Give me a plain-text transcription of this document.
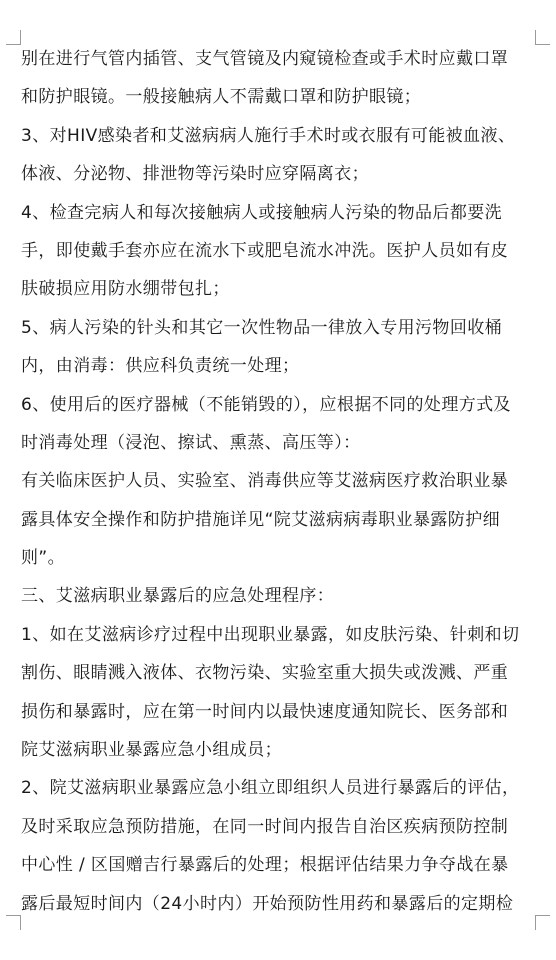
别在进行气管内插管、支气管镜及内窥镜检查或手术时应戴口罩
和防护眼镜。一般接触病人不需戴口罩和防护眼镜；
3、对HIV感染者和艾滋病病人施行手术时或衣服有可能被血液、
体液、分泌物、排泄物等污染时应穿隔离衣；
4、检查完病人和每次接触病人或接触病人污染的物品后都要洗
手，即使戴手套亦应在流水下或肥皂流水冲洗。医护人员如有皮
肤破损应用防水绷带包扎；
5、病人污染的针头和其它一次性物品一律放入专用污物回收桶
内，由消毒：供应科负责统一处理；
6、使用后的医疗器械（不能销毁的），应根据不同的处理方式及
时消毒处理（浸泡、擦试、熏蒸、高压等）：
有关临床医护人员、实验室、消毒供应等艾滋病医疗救治职业暴
露具体安全操作和防护措施详见“院艾滋病病毒职业暴露防护细
则”。
三、艾滋病职业暴露后的应急处理程序：
1、如在艾滋病诊疗过程中出现职业暴露，如皮肤污染、针刺和切
割伤、眼睛溅入液体、衣物污染、实验室重大损失或泼溅、严重
损伤和暴露时，应在第一时间内以最快速度通知院长、医务部和
院艾滋病职业暴露应急小组成员；
2、院艾滋病职业暴露应急小组立即组织人员进行暴露后的评估，
及时采取应急预防措施，在同一时间内报告自治区疾病预防控制
中心性 / 区国赠吉行暴露后的处理；根据评估结果力争夺战在暴
露后最短时间内（24小时内）开始预防性用药和暴露后的定期检
